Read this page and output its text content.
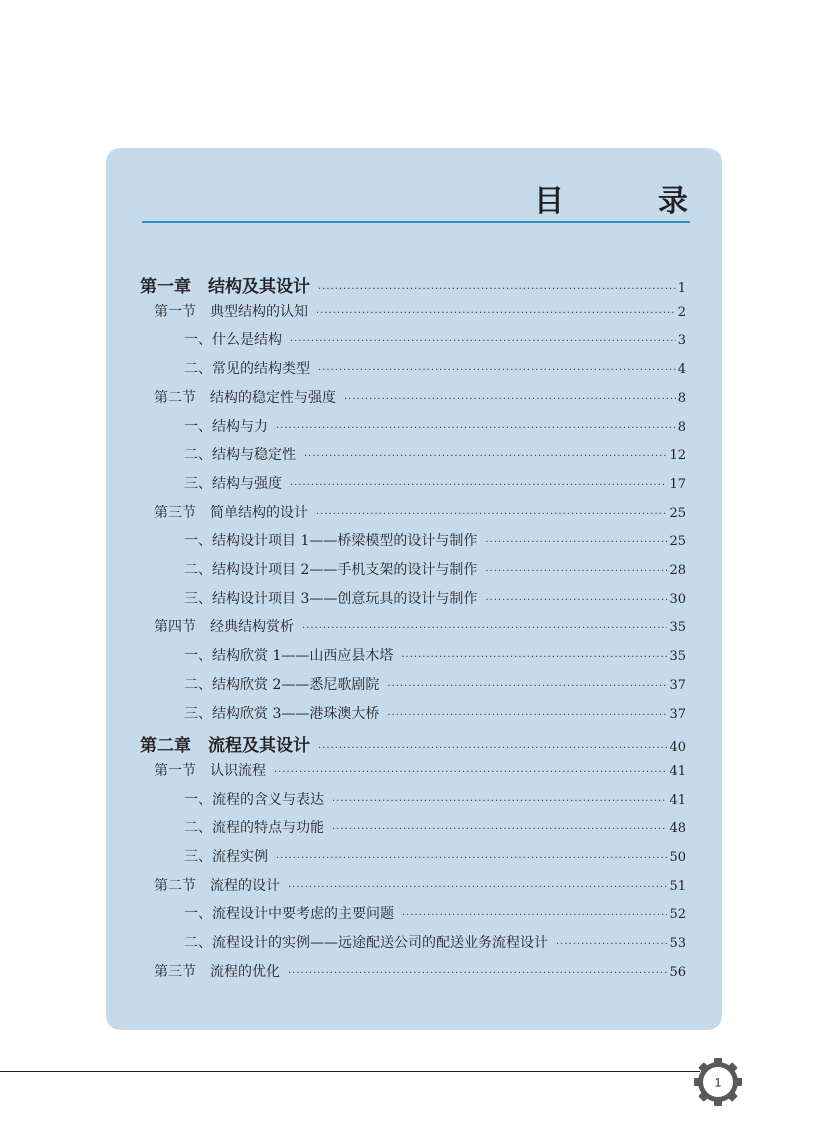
目　录
第一章　结构及其设计 ·····	1
第一节　典型结构的认知 ·····	2
一、什么是结构 ·····	3
二、常见的结构类型 ·····	4
第二节　结构的稳定性与强度 ·····	8
一、结构与力 ·····	8
二、结构与稳定性 ·····	12
三、结构与强度 ·····	17
第三节　简单结构的设计 ·····	25
一、结构设计项目 1——桥梁模型的设计与制作 ·····	25
二、结构设计项目 2——手机支架的设计与制作 ·····	28
三、结构设计项目 3——创意玩具的设计与制作 ·····	30
第四节　经典结构赏析 ·····	35
一、结构欣赏 1——山西应县木塔 ·····	35
二、结构欣赏 2——悉尼歌剧院 ·····	37
三、结构欣赏 3——港珠澳大桥 ·····	37
第二章　流程及其设计 ·····	40
第一节　认识流程 ·····	41
一、流程的含义与表达 ·····	41
二、流程的特点与功能 ·····	48
三、流程实例 ·····	50
第二节　流程的设计 ·····	51
一、流程设计中要考虑的主要问题 ·····	52
二、流程设计的实例——远途配送公司的配送业务流程设计 ·····	53
第三节　流程的优化 ·····	56
1
